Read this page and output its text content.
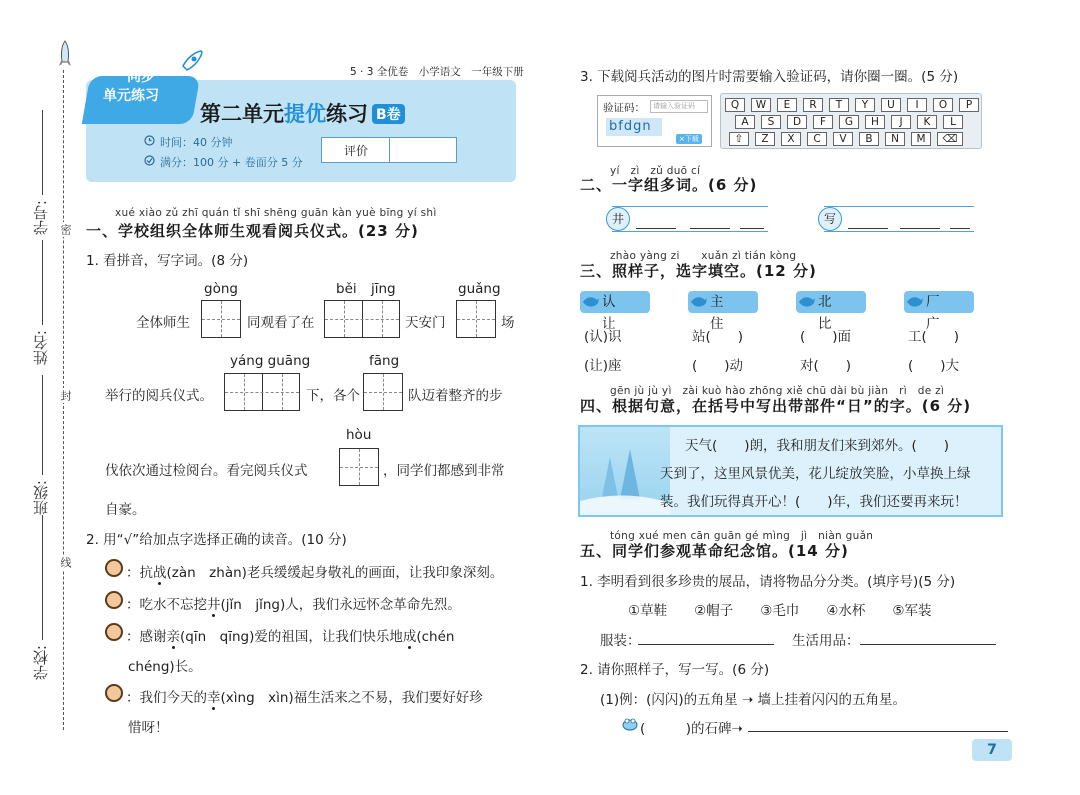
密
封
线
学校:
班级:
姓名:
学号:
同步
单元练习
5 · 3 全优卷　小学语文　一年级下册
第二单元提优练习 B卷
时间：40 分钟
满分：100 分 + 卷面分 5 分
评价
xué xiào zǔ zhī quán tǐ shī shēng guān kàn yuè bīng yí shì
一、学校组织全体师生观看阅兵仪式。(23 分)
1. 看拼音，写字词。(8 分)
gòng	běi jīng	guǎng
全体师生	同观看了在	天安门	场
yáng guāng	fāng
举行的阅兵仪式。	下，各个	队迈着整齐的步
hòu
伐依次通过检阅台。看完阅兵仪式	，同学们都感到非常
自豪。
2. 用“√”给加点字选择正确的读音。(10 分)
：抗战(zàn　zhàn)老兵缓缓起身敬礼的画面，让我印象深刻。
：吃水不忘挖井(jǐn　jǐng)人，我们永远怀念革命先烈。
：感谢亲(qīn　qīng)爱的祖国，让我们快乐地成(chén
chéng)长。
：我们今天的幸(xìng　xìn)福生活来之不易，我们要好好珍
惜呀！
3. 下载阅兵活动的图片时需要输入验证码，请你圈一圈。(5 分)
验证码：	请输入验证码
bfdgn
×下载
Q	W	E	R	T	Y	U	I	O	P
A	S	D	F	G	H	J	K	L
⇧	Z	X	C	V	B	N	M	⌫
yí　zì　zǔ duō cí
二、一字组多词。(6 分)
井	写
zhào yàng zi　　xuǎn zì tián kòng
三、照样子，选字填空。(12 分)
认 让
主 住
北 比
厂 广
(认)识	站(　　)	(　　)面	工(　　)
(让)座	(　　)动	对(　　)	(　　)大
gēn jù jù yì　zài kuò hào zhōng xiě chū dài bù jiàn　rì　de zì
四、根据句意，在括号中写出带部件“日”的字。(6 分)
天气(　　)朗，我和朋友们来到郊外。(　　)
天到了，这里风景优美，花儿绽放笑脸，小草换上绿
装。我们玩得真开心！(　　)年，我们还要再来玩！
tóng xué men cān guān gé mìng　jì　niàn guǎn
五、同学们参观革命纪念馆。(14 分)
1. 李明看到很多珍贵的展品，请将物品分分类。(填序号)(5 分)
①草鞋　　②帽子　　③毛巾　　④水杯　　⑤军装
服装：	生活用品：
2. 请你照样子，写一写。(6 分)
(1)例：(闪闪)的五角星 ➝ 墙上挂着闪闪的五角星。
(　　　)的石碑➝
7
